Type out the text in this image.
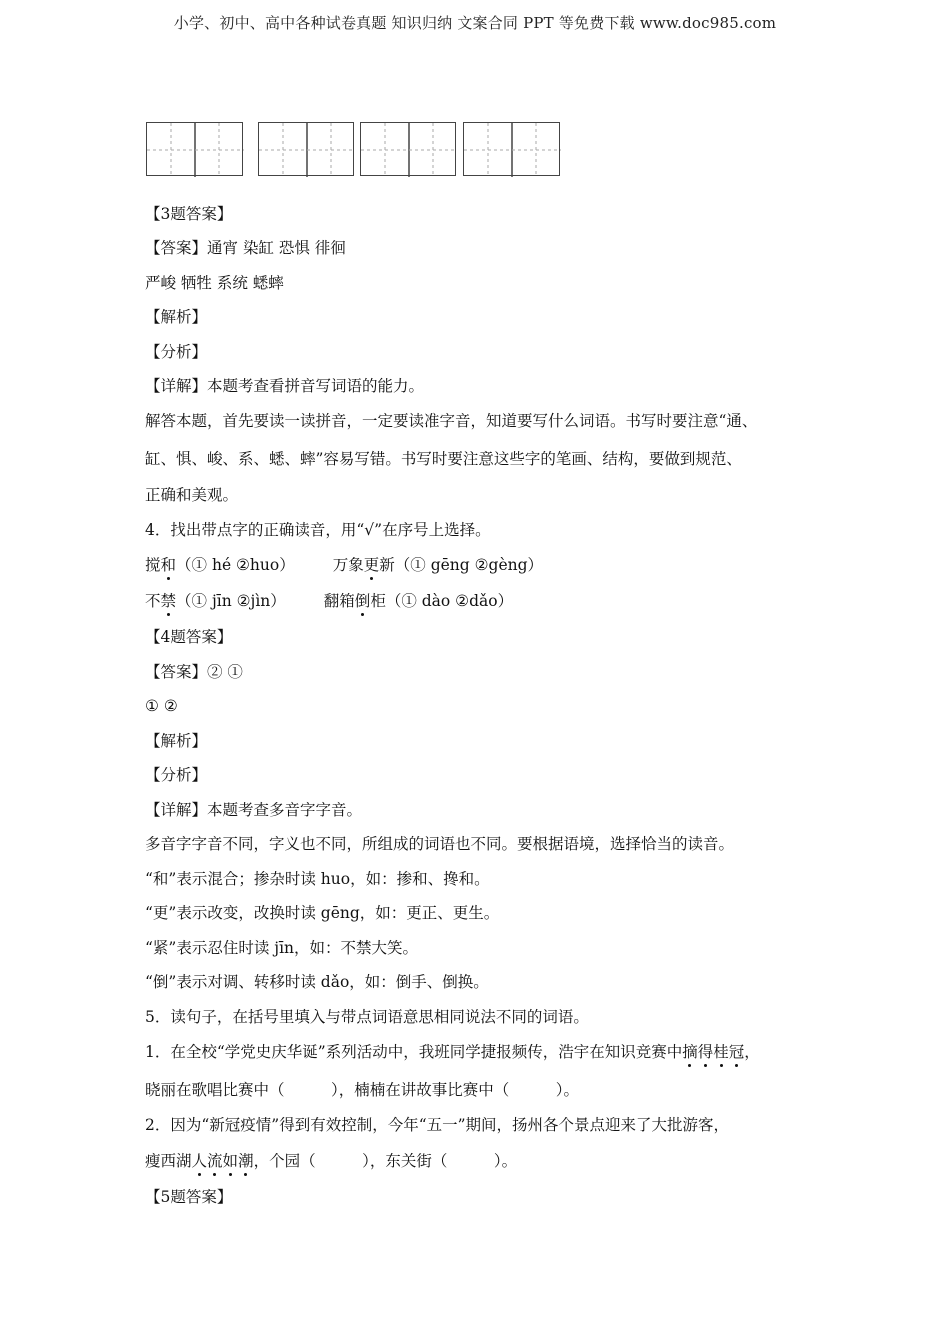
小学、初中、高中各种试卷真题 知识归纳 文案合同 PPT 等免费下载 www.doc985.com
【3题答案】
【答案】通宵 染缸 恐惧 徘徊
严峻 牺牲 系统 蟋蟀
【解析】
【分析】
【详解】本题考查看拼音写词语的能力。
解答本题，首先要读一读拼音，一定要读准字音，知道要写什么词语。书写时要注意“通、
缸、惧、峻、系、蟋、蟀”容易写错。书写时要注意这些字的笔画、结构，要做到规范、
正确和美观。
4．找出带点字的正确读音，用“√”在序号上选择。
搅和（① hé ②huo） 万象更新（① gēng ②gèng）
不禁（① jīn ②jìn） 翻箱倒柜（① dào ②dǎo）
【4题答案】
【答案】② ①
① ②
【解析】
【分析】
【详解】本题考查多音字字音。
多音字字音不同，字义也不同，所组成的词语也不同。要根据语境，选择恰当的读音。
“和”表示混合；掺杂时读 huo，如：掺和、搀和。
“更”表示改变，改换时读 gēng，如：更正、更生。
“紧”表示忍住时读 jīn，如：不禁大笑。
“倒”表示对调、转移时读 dǎo，如：倒手、倒换。
5．读句子，在括号里填入与带点词语意思相同说法不同的词语。
1．在全校“学党史庆华诞”系列活动中，我班同学捷报频传，浩宇在知识竞赛中摘得桂冠，
晓丽在歌唱比赛中（　　　），楠楠在讲故事比赛中（　　　）。
2．因为“新冠疫情”得到有效控制，今年“五一”期间，扬州各个景点迎来了大批游客，
瘦西湖人流如潮，个园（　　　），东关街（　　　）。
【5题答案】
